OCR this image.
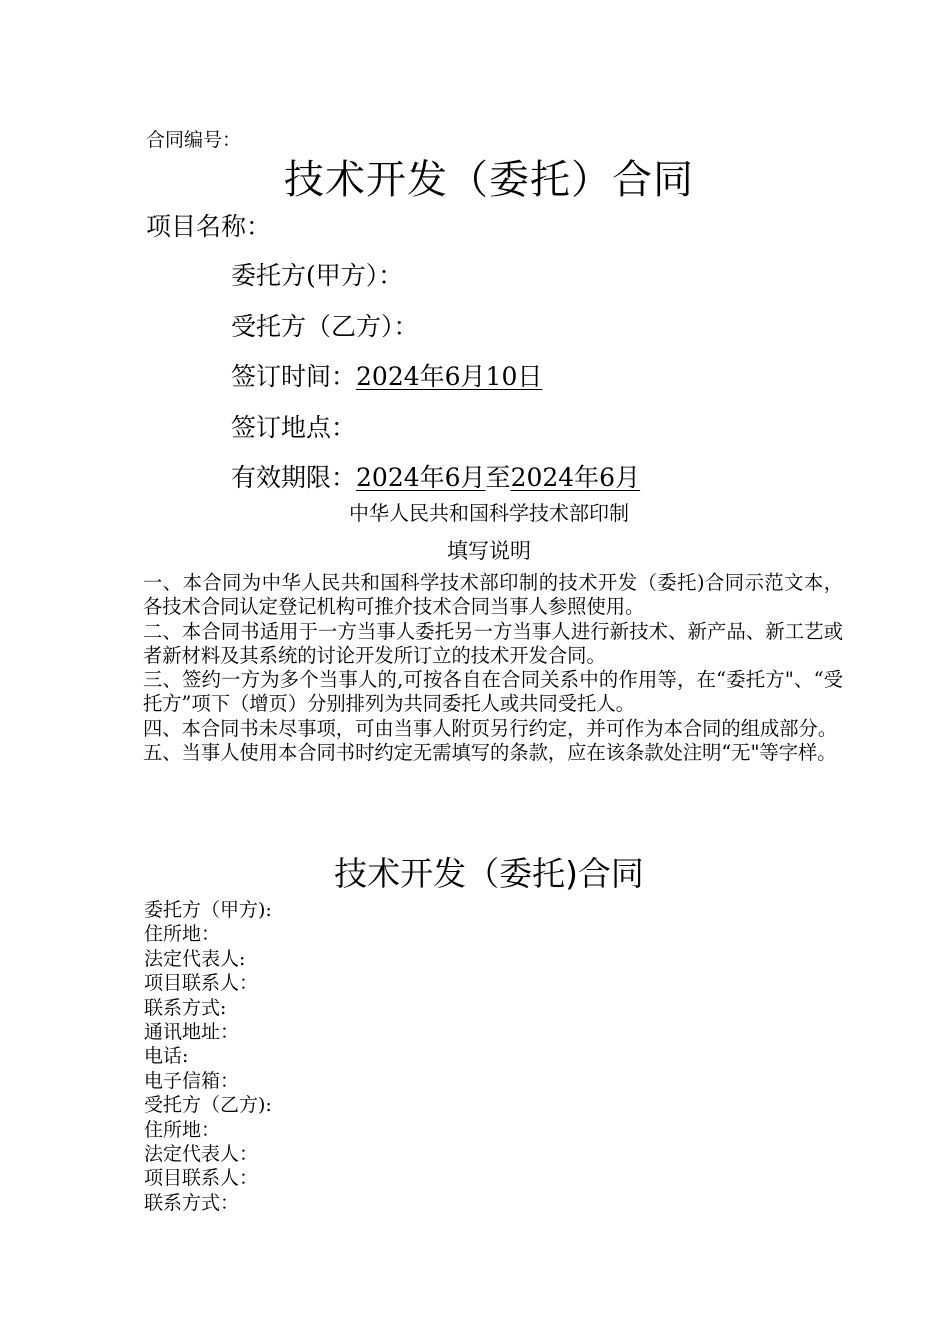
合同编号：
技术开发（委托）合同
项目名称：
委托方(甲方）：
受托方（乙方）：
签订时间：2024年6月10日
签订地点：
有效期限：2024年6月至2024年6月
中华人民共和国科学技术部印制
填写说明

一、本合同为中华人民共和国科学技术部印制的技术开发（委托)合同示范文本，各技术合同认定登记机构可推介技术合同当事人参照使用。

二、本合同书适用于一方当事人委托另一方当事人进行新技术、新产品、新工艺或者新材料及其系统的讨论开发所订立的技术开发合同。

三、签约一方为多个当事人的,可按各自在合同关系中的作用等，在“委托方"、“受托方”项下（增页）分别排列为共同委托人或共同受托人。

四、本合同书未尽事项，可由当事人附页另行约定，并可作为本合同的组成部分。

五、当事人使用本合同书时约定无需填写的条款，应在该条款处注明“无"等字样。

技术开发（委托)合同
委托方（甲方):
住所地：
法定代表人:
项目联系人：
联系方式:
通讯地址：
电话:
电子信箱：
受托方（乙方):
住所地：
法定代表人：
项目联系人：
联系方式：
